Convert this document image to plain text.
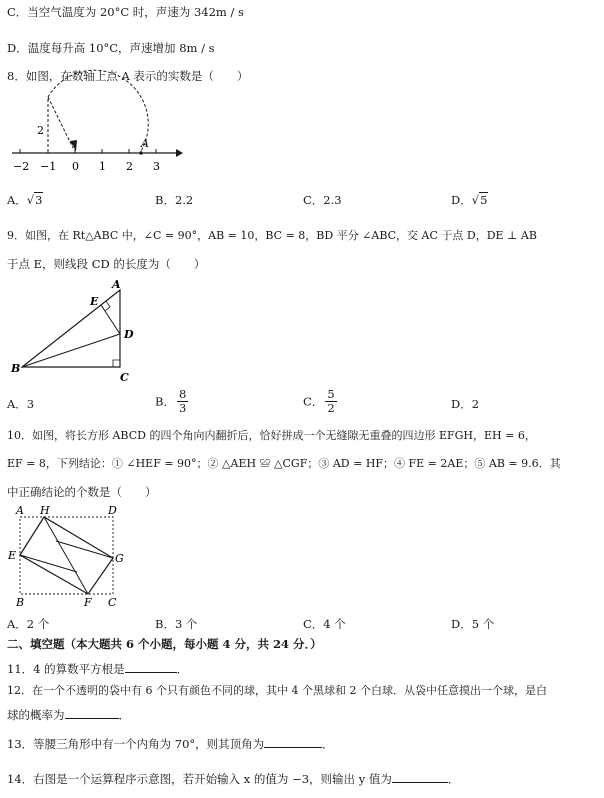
C．当空气温度为 20°C 时，声速为 342m / s
D．温度每升高 10°C，声速增加 8m / s
8．如图，在数轴上点 A 表示的实数是（　　）
A
2
−2 −1 0 1 2 3
A．√3	B．2.2	C．2.3	D．√5
9．如图，在 Rt△ABC 中，∠C = 90°，AB = 10，BC = 8，BD 平分 ∠ABC，交 AC 于点 D，DE ⊥ AB
于点 E，则线段 CD 的长度为（　　）
A
E
D
B
C
A．3	B． $\frac{8}{3}$	C． $\frac{5}{2}$	D．2
10．如图，将长方形 ABCD 的四个角向内翻折后，恰好拼成一个无缝隙无重叠的四边形 EFGH，EH = 6，
EF = 8，下列结论：① ∠HEF = 90°；② △AEH ≌ △CGF；③ AD = HF；④ FE = 2AE；⑤ AB = 9.6．其
中正确结论的个数是（　　）
A H	D
E	G
B	F C
A．2 个	B．3 个	C．4 个	D．5 个
二、填空题（本大题共 6 个小题，每小题 4 分，共 24 分．）
11．4 的算数平方根是	．
12．在一个不透明的袋中有 6 个只有颜色不同的球，其中 4 个黑球和 2 个白球．从袋中任意摸出一个球，是白
球的概率为	．
13．等腰三角形中有一个内角为 70°，则其顶角为	．
14．右图是一个运算程序示意图，若开始输入 x 的值为 −3，则输出 y 值为	．
